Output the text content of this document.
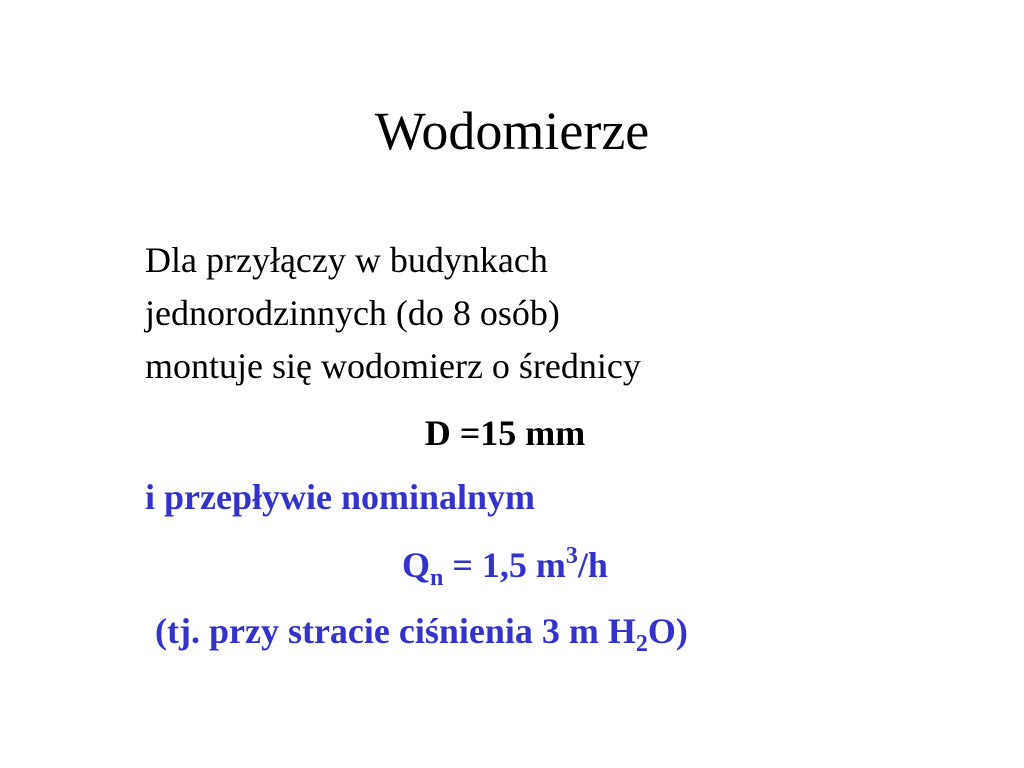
Wodomierze
Dla przyłączy w budynkach
jednorodzinnych (do 8 osób)
montuje się wodomierz o średnicy
D =15 mm
i przepływie nominalnym
$Q_n = 1,5$ $m^3/h$
(tj. przy stracie ciśnienia 3 m $H_2O$)
